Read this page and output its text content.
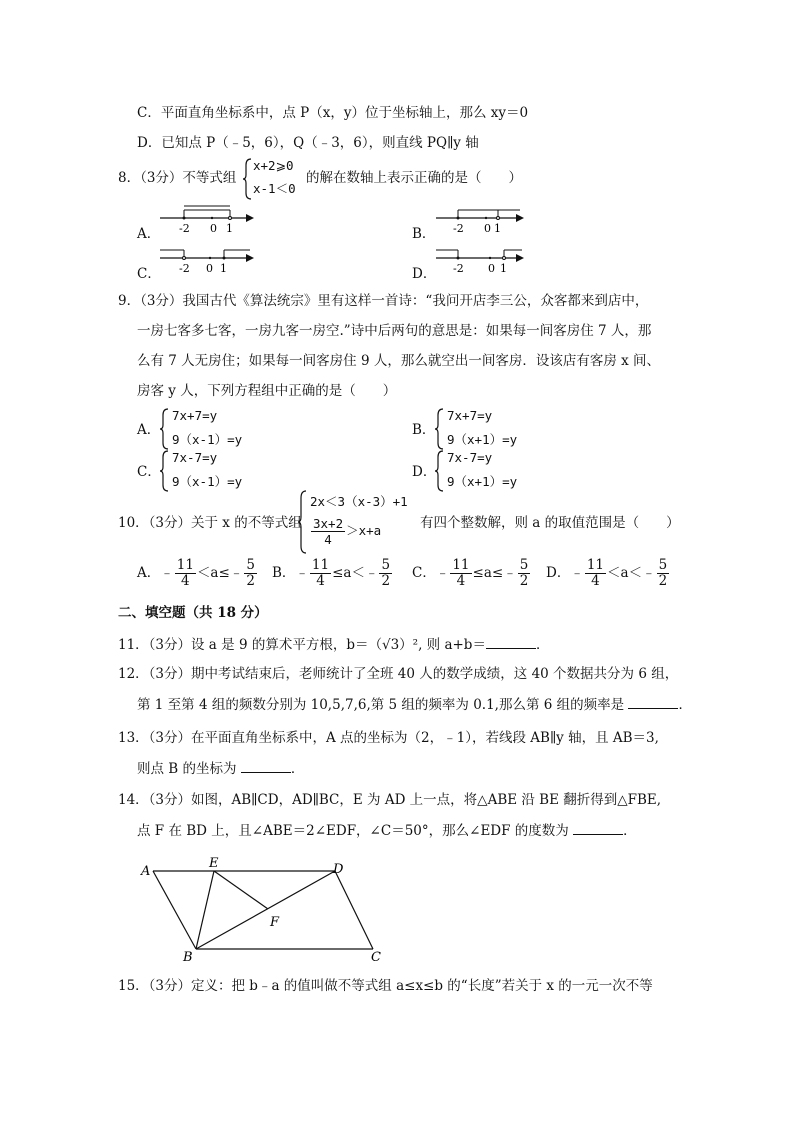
C．平面直角坐标系中，点 P（x，y）位于坐标轴上，那么 xy＝0
D．已知点 P（﹣5，6），Q（﹣3，6），则直线 PQ∥y 轴
8．（3分）不等式组
x+2⩾0
x-1＜0
的解在数轴上表示正确的是（　　）
A． -2 0 1	B． -2 0 1
C． -2 0 1	D． -2 0 1
9．（3分）我国古代《算法统宗》里有这样一首诗：“我问开店李三公，众客都来到店中，
一房七客多七客，一房九客一房空.”诗中后两句的意思是：如果每一间客房住 7 人，那
么有 7 人无房住；如果每一间客房住 9 人，那么就空出一间客房．设该店有客房 x 间、
房客 y 人，下列方程组中正确的是（　　）
A．
7x+7=y
9（x-1）=y
B．
7x+7=y
9（x+1）=y
C．
7x-7=y
9（x-1）=y
D．
7x-7=y
9（x+1）=y
10．（3分）关于 x 的不等式组
2x＜3（x-3）+1
$\frac{3x+2}{4} >x+a$	有四个整数解，则 a 的取值范围是（　　）
A．﹣ $\frac{11}{4}$ ＜a≤﹣ $\frac{5}{2}$ B．﹣ $\frac{11}{4}$ ≤a＜﹣ $\frac{5}{2}$ C．﹣ $\frac{11}{4}$ ≤a≤﹣ $\frac{5}{2}$ D．﹣ $\frac{11}{4}$ ＜a＜﹣ $\frac{5}{2}$
二、填空题（共 18 分）
11．（3分）设 a 是 9 的算术平方根，b＝（√3）², 则 a+b＝	．
12．（3分）期中考试结束后，老师统计了全班 40 人的数学成绩，这 40 个数据共分为 6 组，
第 1 至第 4 组的频数分别为 10,5,7,6,第 5 组的频率为 0.1,那么第 6 组的频率是	．
13．（3分）在平面直角坐标系中，A 点的坐标为（2，﹣1），若线段 AB∥y 轴，且 AB＝3,
则点 B 的坐标为	．
14．（3分）如图，AB∥CD，AD∥BC，E 为 AD 上一点，将△ABE 沿 BE 翻折得到△FBE,
点 F 在 BD 上，且∠ABE＝2∠EDF，∠C＝50°，那么∠EDF 的度数为	．
A
B	C
D
E
F
15．（3分）定义：把 b﹣a 的值叫做不等式组 a≤x≤b 的“长度”若关于 x 的一元一次不等
